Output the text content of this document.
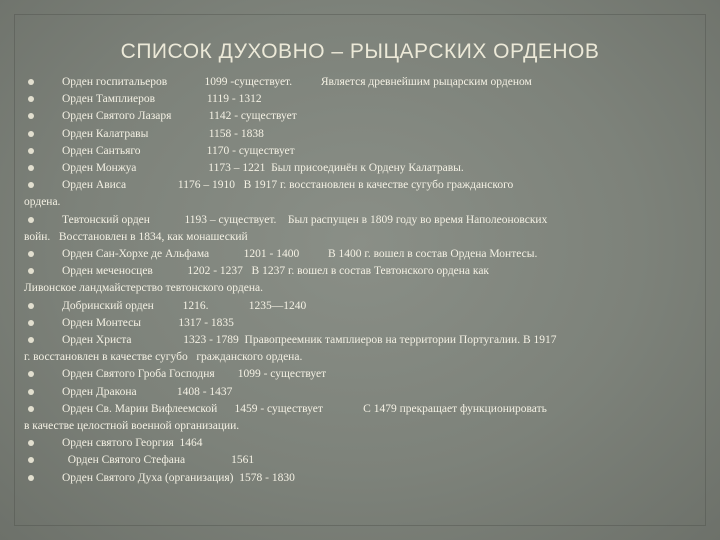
СПИСОК ДУХОВНО – РЫЦАРСКИХ ОРДЕНОВ
Орден госпитальеров             1099 -существует.          Является древнейшим рыцарским орденом
Орден Тамплиеров                  1119 - 1312
Орден Святого Лазаря             1142 - существует
Орден Калатравы                     1158 - 1838
Орден Сантьяго                       1170 - существует
Орден Монжуа                         1173 – 1221  Был присоединён к Ордену Калатравы.
Орден Ависа                  1176 – 1910   В 1917 г. восстановлен в качестве сугубо гражданского
ордена.
Тевтонский орден            1193 – существует.    Был распущен в 1809 году во время Наполеоновских
войн.   Восстановлен в 1834, как монашеский
Орден Сан-Хорхе де Альфама            1201 - 1400          В 1400 г. вошел в состав Ордена Монтесы.
Орден меченосцев            1202 - 1237   В 1237 г. вошел в состав Тевтонского ордена как
Ливонское ландмайстерство тевтонского ордена.
Добринский орден          1216.              1235—1240
Орден Монтесы             1317 - 1835
Орден Христа                  1323 - 1789  Правопреемник тамплиеров на территории Португалии. В 1917
г. восстановлен в качестве сугубо   гражданского ордена.
Орден Святого Гроба Господня        1099 - существует
Орден Дракона              1408 - 1437
Орден Св. Марии Вифлеемской      1459 - существует              С 1479 прекращает функционировать
в качестве целостной военной организации.
Орден святого Георгия  1464
Орден Святого Стефана                1561
Орден Святого Духа (организация)  1578 - 1830
